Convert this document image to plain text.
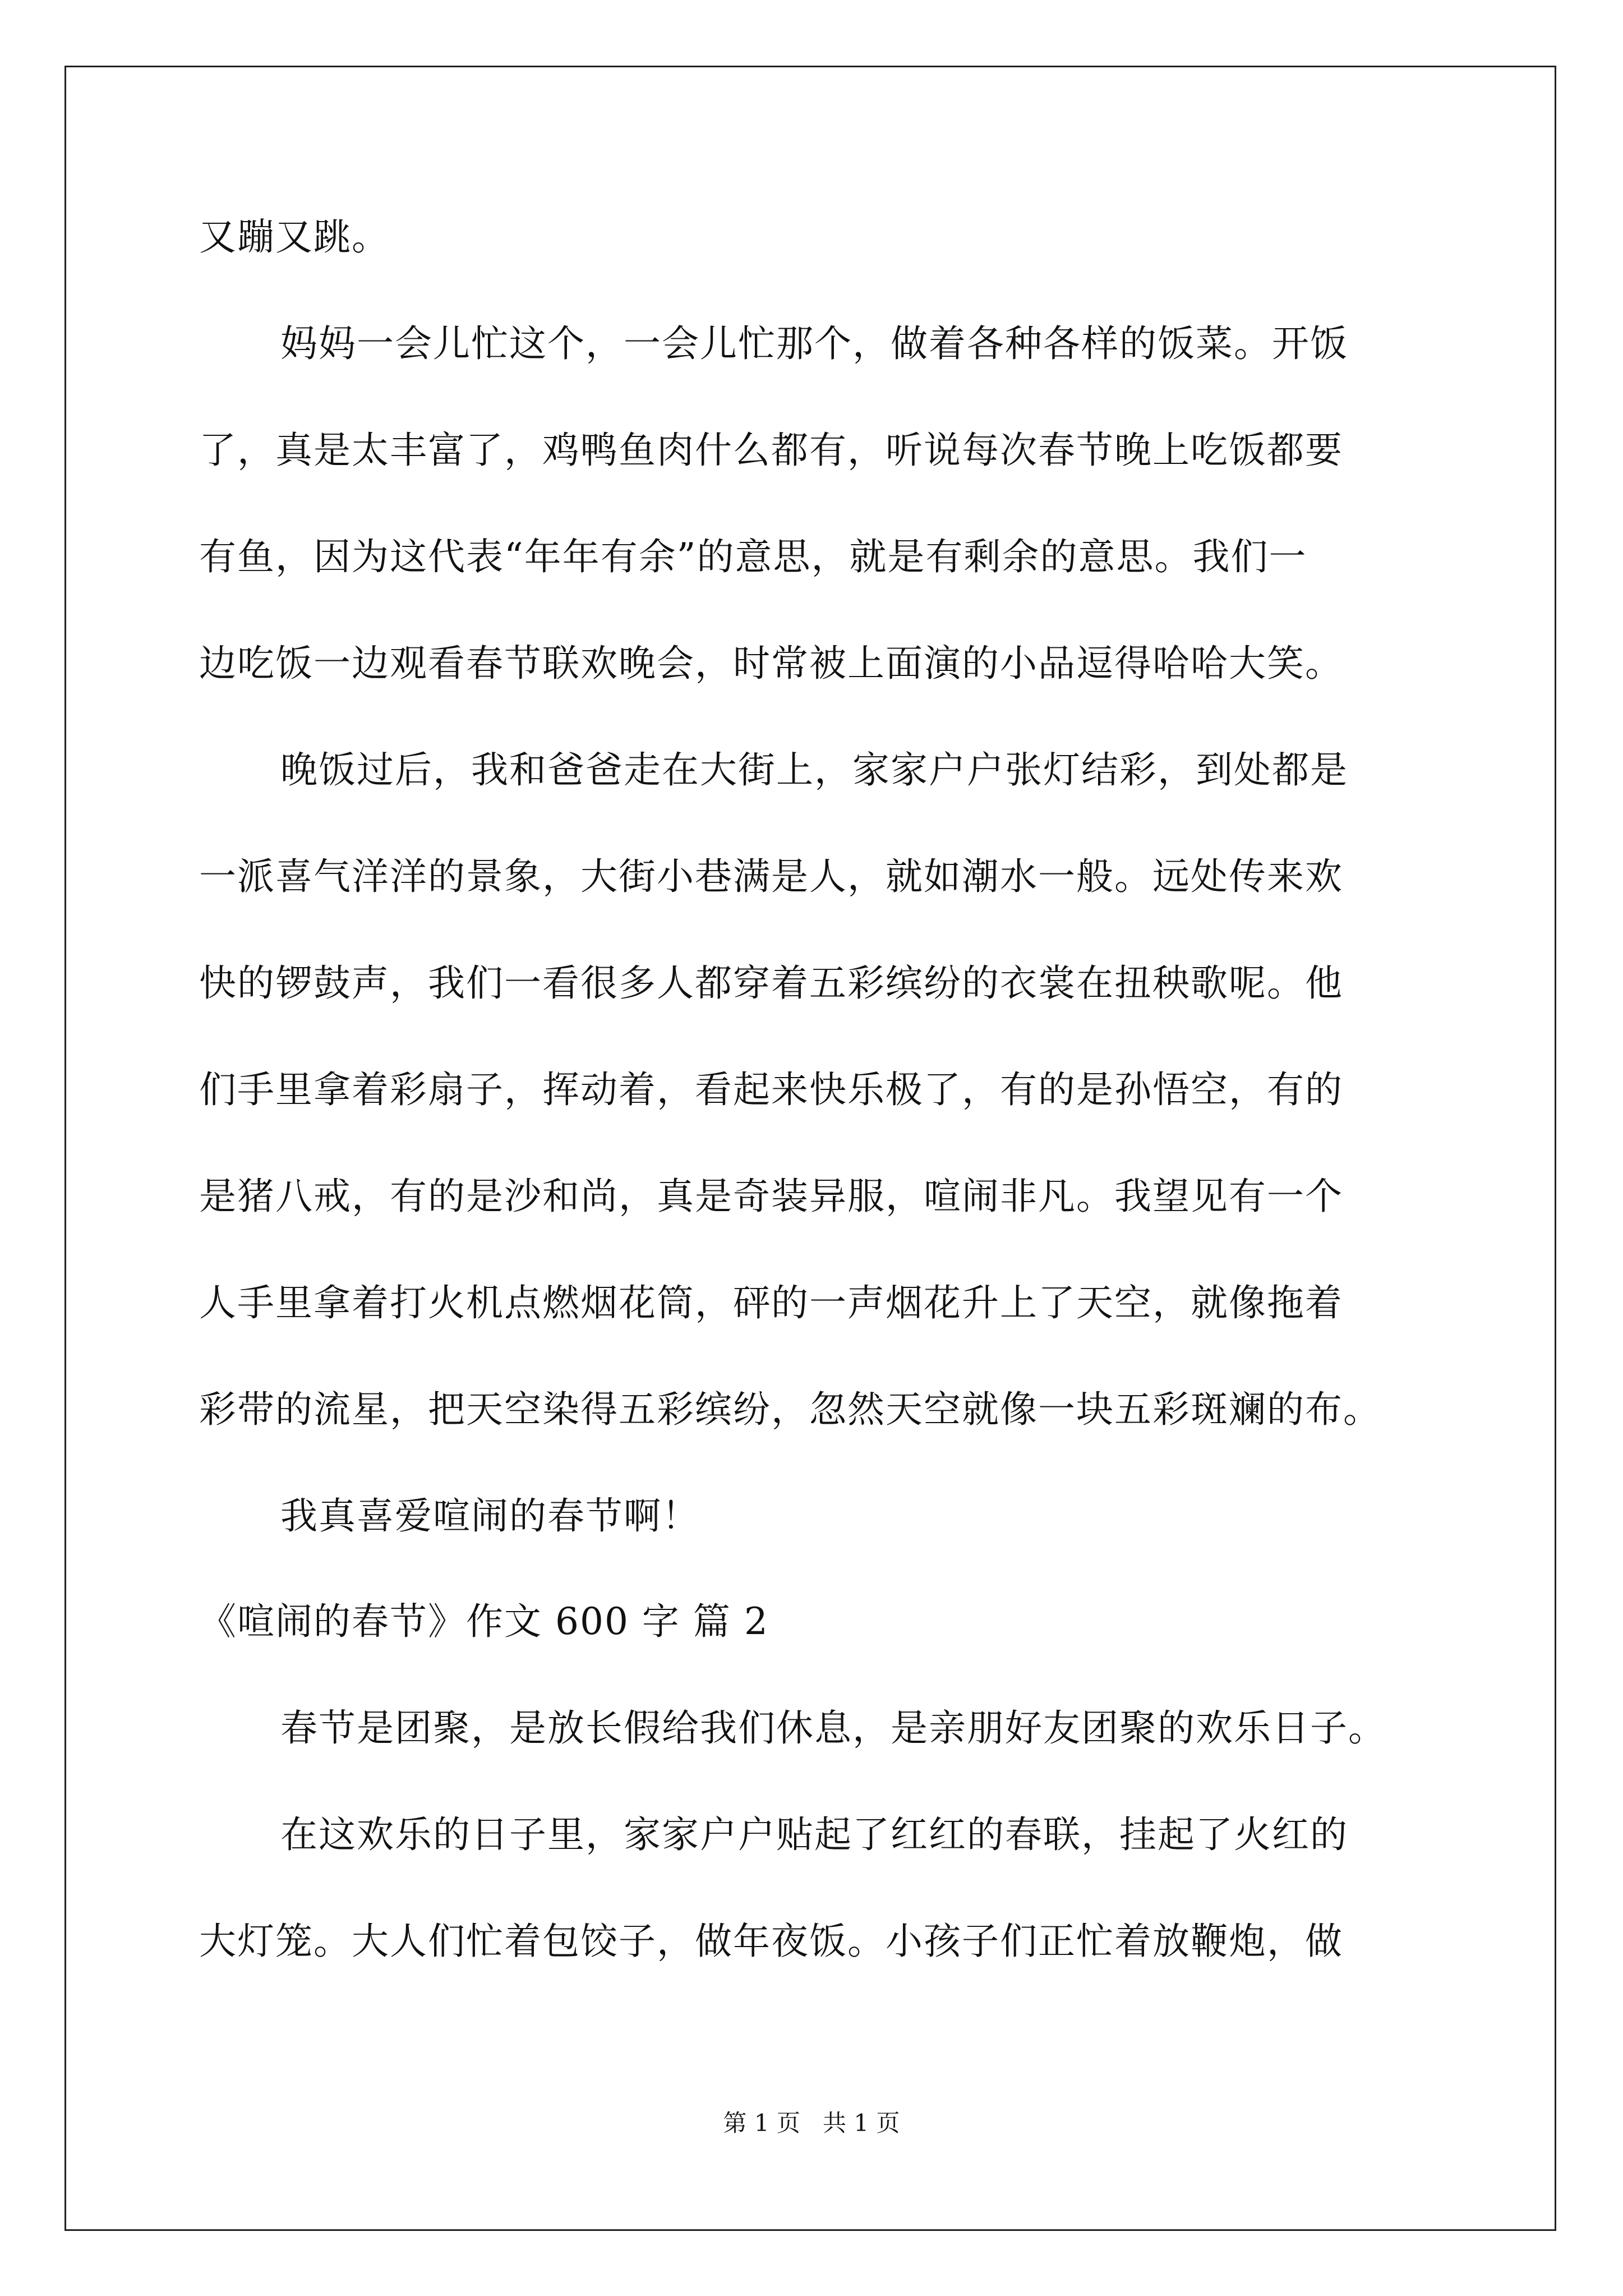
又蹦又跳。
妈妈一会儿忙这个，一会儿忙那个，做着各种各样的饭菜。开饭
了，真是太丰富了，鸡鸭鱼肉什么都有，听说每次春节晚上吃饭都要
有鱼，因为这代表“年年有余”的意思，就是有剩余的意思。我们一
边吃饭一边观看春节联欢晚会，时常被上面演的小品逗得哈哈大笑。
晚饭过后，我和爸爸走在大街上，家家户户张灯结彩，到处都是
一派喜气洋洋的景象，大街小巷满是人，就如潮水一般。远处传来欢
快的锣鼓声，我们一看很多人都穿着五彩缤纷的衣裳在扭秧歌呢。他
们手里拿着彩扇子，挥动着，看起来快乐极了，有的是孙悟空，有的
是猪八戒，有的是沙和尚，真是奇装异服，喧闹非凡。我望见有一个
人手里拿着打火机点燃烟花筒，砰的一声烟花升上了天空，就像拖着
彩带的流星，把天空染得五彩缤纷，忽然天空就像一块五彩斑斓的布。
我真喜爱喧闹的春节啊！
《喧闹的春节》作文 600 字 篇 2
春节是团聚，是放长假给我们休息，是亲朋好友团聚的欢乐日子。
在这欢乐的日子里，家家户户贴起了红红的春联，挂起了火红的
大灯笼。大人们忙着包饺子，做年夜饭。小孩子们正忙着放鞭炮，做
第 1 页   共 1 页
